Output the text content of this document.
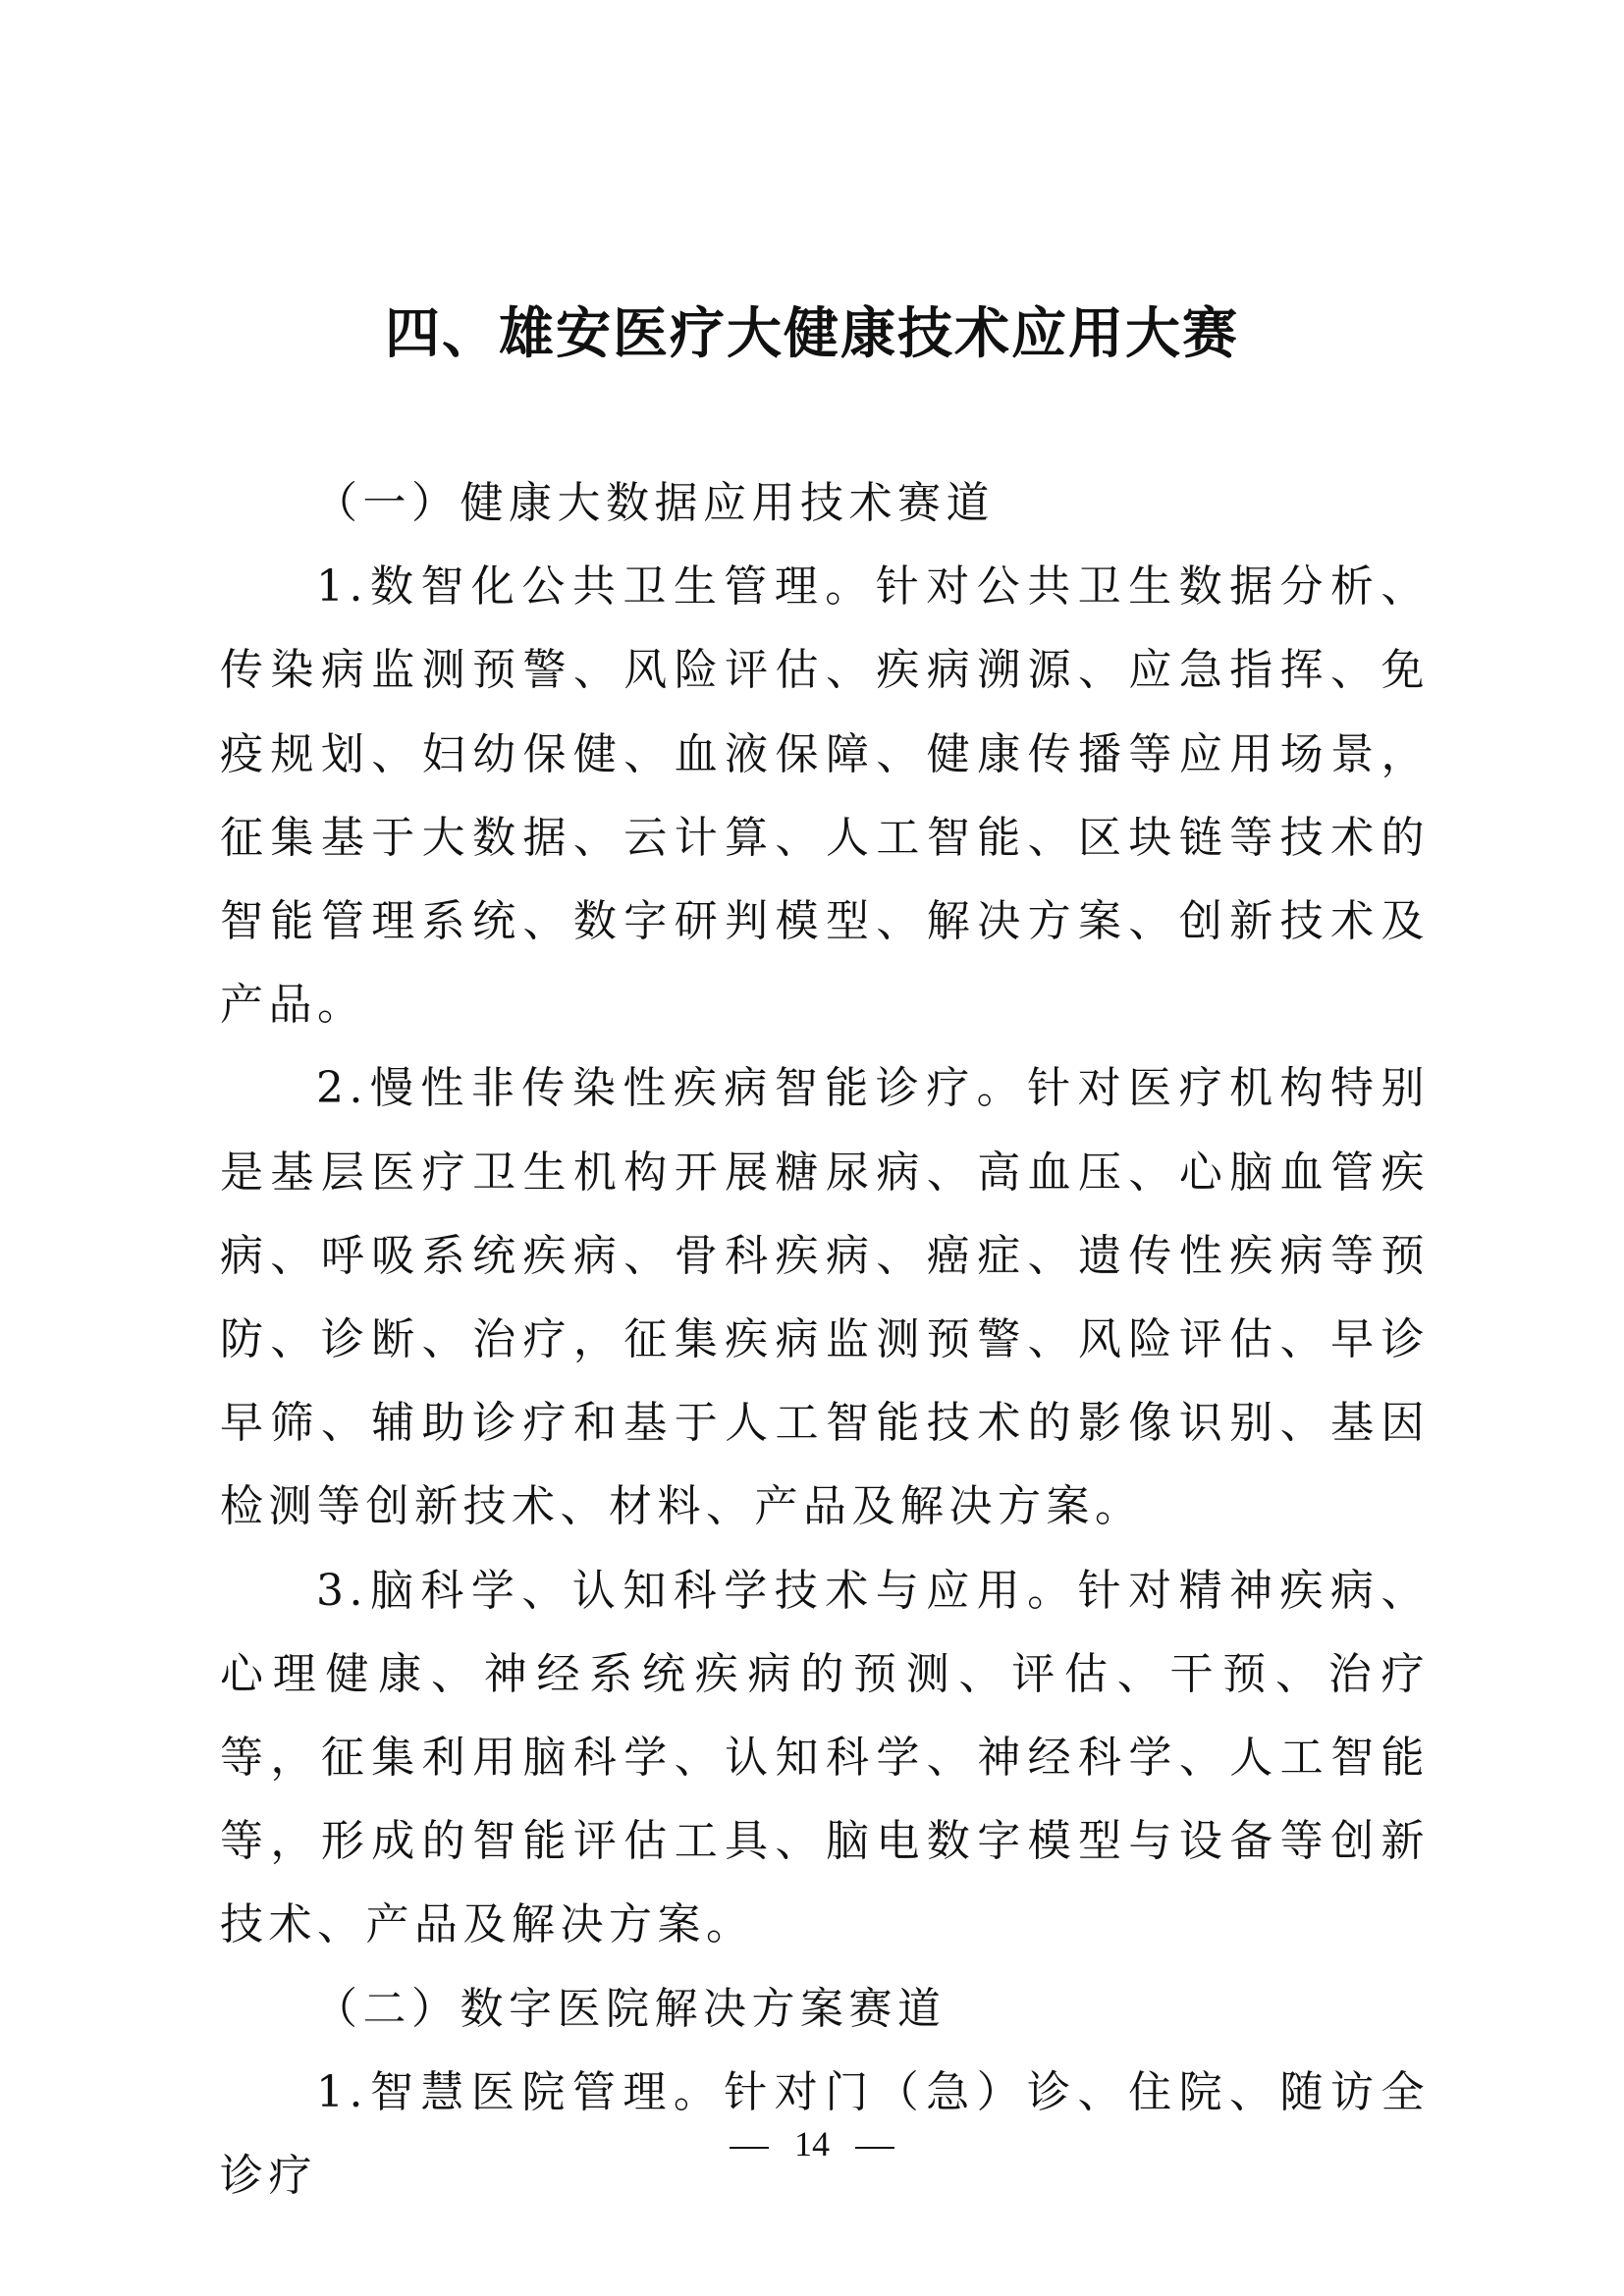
四、雄安医疗大健康技术应用大赛

（一）健康大数据应用技术赛道

1.数智化公共卫生管理。针对公共卫生数据分析、传染病监测预警、风险评估、疾病溯源、应急指挥、免疫规划、妇幼保健、血液保障、健康传播等应用场景，征集基于大数据、云计算、人工智能、区块链等技术的智能管理系统、数字研判模型、解决方案、创新技术及产品。

2.慢性非传染性疾病智能诊疗。针对医疗机构特别是基层医疗卫生机构开展糖尿病、高血压、心脑血管疾病、呼吸系统疾病、骨科疾病、癌症、遗传性疾病等预防、诊断、治疗，征集疾病监测预警、风险评估、早诊早筛、辅助诊疗和基于人工智能技术的影像识别、基因检测等创新技术、材料、产品及解决方案。

3.脑科学、认知科学技术与应用。针对精神疾病、心理健康、神经系统疾病的预测、评估、干预、治疗等，征集利用脑科学、认知科学、神经科学、人工智能等，形成的智能评估工具、脑电数字模型与设备等创新技术、产品及解决方案。

（二）数字医院解决方案赛道

1.智慧医院管理。针对门（急）诊、住院、随访全诊疗

14
